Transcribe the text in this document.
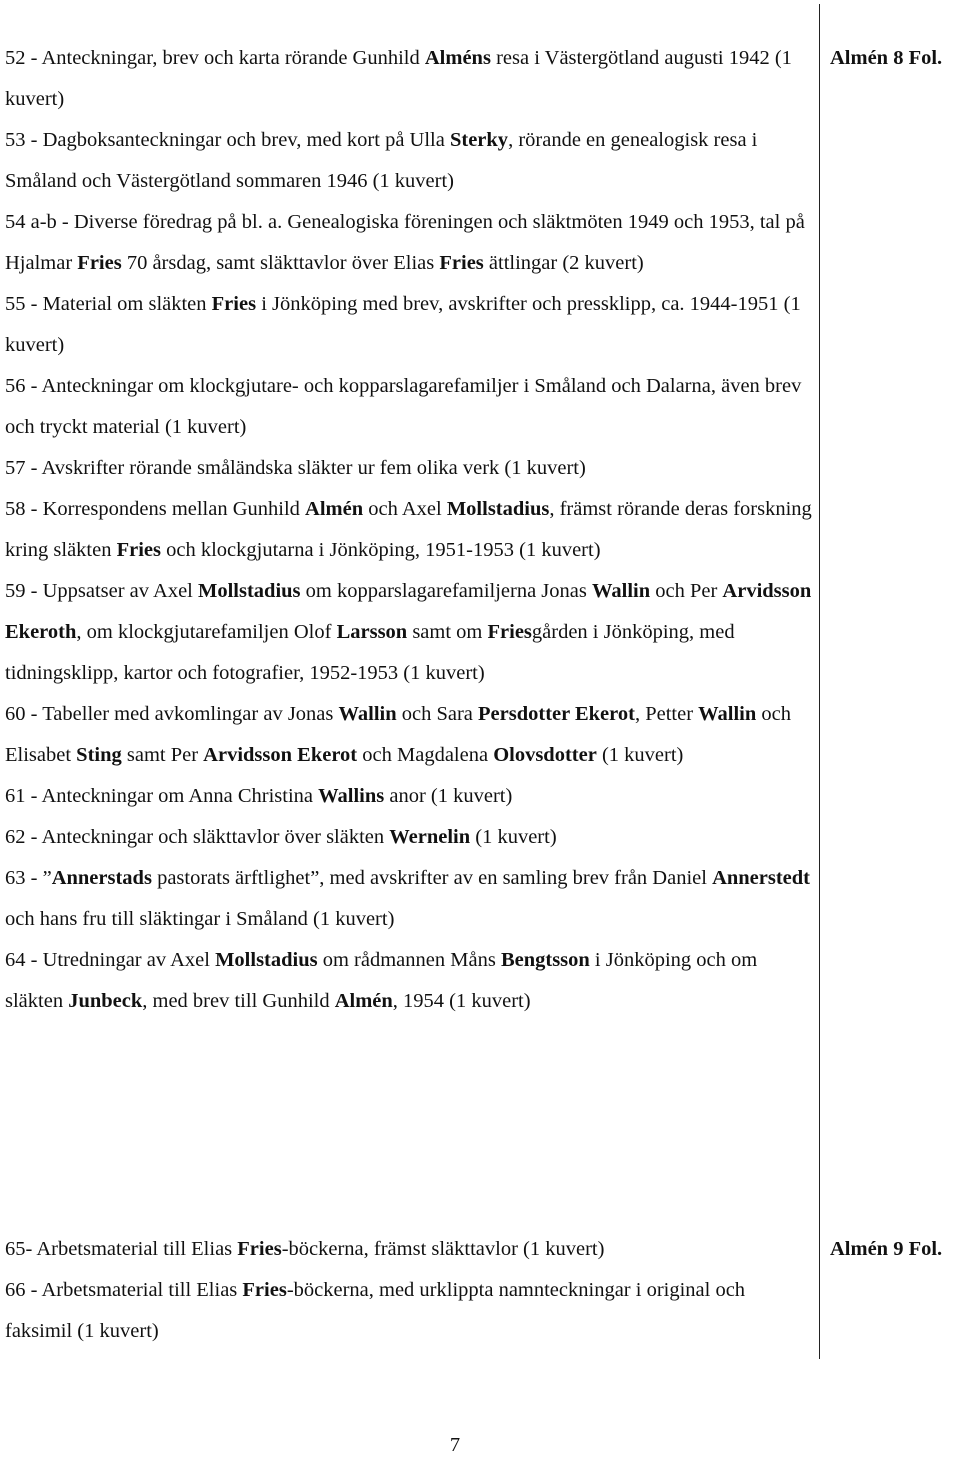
52 - Anteckningar, brev och karta rörande Gunhild Alméns resa i Västergötland augusti 1942 (1 kuvert)

53 - Dagboksanteckningar och brev, med kort på Ulla Sterky, rörande en genealogisk resa i Småland och Västergötland sommaren 1946 (1 kuvert)

54 a-b - Diverse föredrag på bl. a. Genealogiska föreningen och släktmöten 1949 och 1953, tal på Hjalmar Fries 70 årsdag, samt släkttavlor över Elias Fries ättlingar (2 kuvert)

55 - Material om släkten Fries i Jönköping med brev, avskrifter och pressklipp, ca. 1944-1951 (1 kuvert)

56 - Anteckningar om klockgjutare- och kopparslagarefamiljer i Småland och Dalarna, även brev och tryckt material (1 kuvert)

57 - Avskrifter rörande småländska släkter ur fem olika verk (1 kuvert)

58 - Korrespondens mellan Gunhild Almén och Axel Mollstadius, främst rörande deras forskning kring släkten Fries och klockgjutarna i Jönköping, 1951-1953 (1 kuvert)

59 - Uppsatser av Axel Mollstadius om kopparslagarefamiljerna Jonas Wallin och Per Arvidsson Ekeroth, om klockgjutarefamiljen Olof Larsson samt om Friesgården i Jönköping, med tidningsklipp, kartor och fotografier, 1952-1953 (1 kuvert)

60 - Tabeller med avkomlingar av Jonas Wallin och Sara Persdotter Ekerot, Petter Wallin och Elisabet Sting samt Per Arvidsson Ekerot och Magdalena Olovsdotter (1 kuvert)

61 - Anteckningar om Anna Christina Wallins anor (1 kuvert)

62 - Anteckningar och släkttavlor över släkten Wernelin (1 kuvert)

63 - ”Annerstads pastorats ärftlighet”, med avskrifter av en samling brev från Daniel Annerstedt och hans fru till släktingar i Småland (1 kuvert)

64 - Utredningar av Axel Mollstadius om rådmannen Måns Bengtsson i Jönköping och om släkten Junbeck, med brev till Gunhild Almén, 1954 (1 kuvert)

Almén 8 Fol.

65- Arbetsmaterial till Elias Fries-böckerna, främst släkttavlor (1 kuvert)

66 - Arbetsmaterial till Elias Fries-böckerna, med urklippta namnteckningar i original och faksimil (1 kuvert)

Almén 9 Fol.
7
